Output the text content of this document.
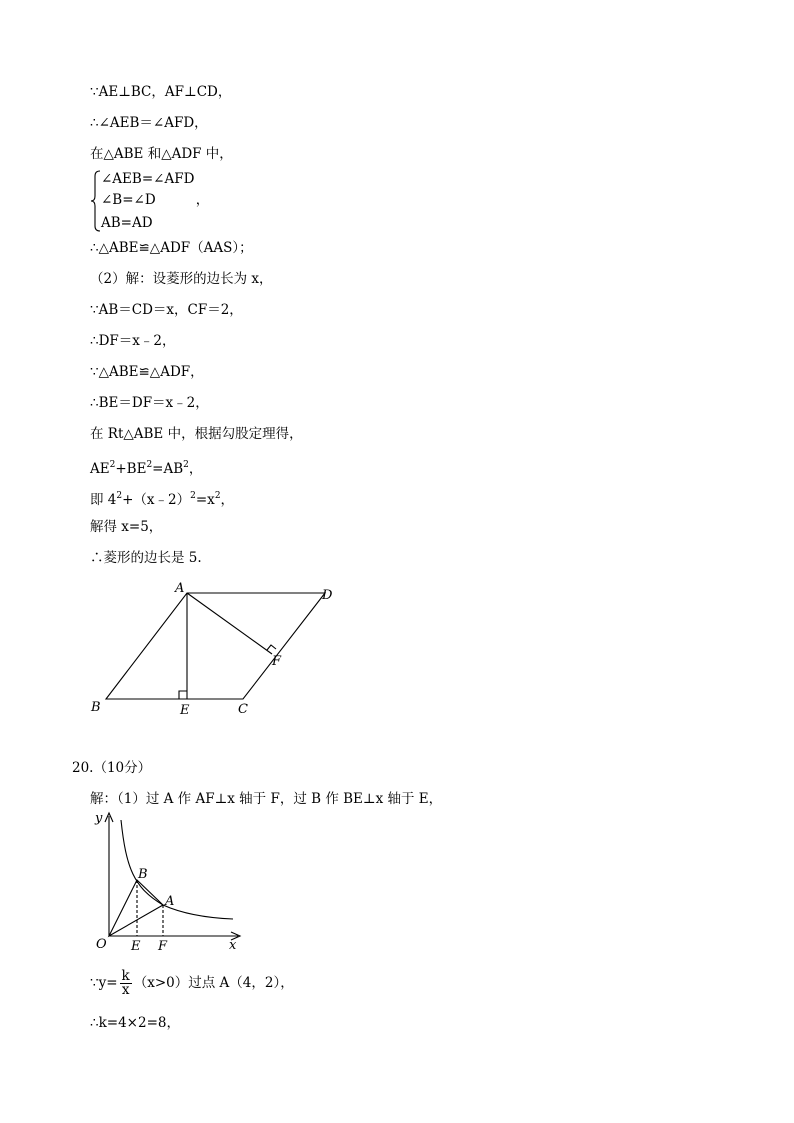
∵AE⊥BC，AF⊥CD，
∴∠AEB＝∠AFD，
在△ABE 和△ADF 中，
∠AEB=∠AFD
∠B=∠D	，
AB=AD
∴△ABE≌△ADF（AAS）；
（2）解：设菱形的边长为 x，
∵AB＝CD＝x，CF＝2，
∴DF＝x﹣2，
∵△ABE≌△ADF，
∴BE＝DF＝x﹣2，
在 Rt△ABE 中，根据勾股定理得，
$AE^2+BE^2=AB^2$，
即 $4^2+(x﹣2)^2=x^2$，
解得 x=5，
∴菱形的边长是 5.
A	D
F
B	E	C
20.（10分）
解：（1）过 A 作 AF⊥x 轴于 F，过 B 作 BE⊥x 轴于 E，
y
x
O
B
A
E F
∵y= $\frac{k}{x} (x>0)$过点 A（4，2），
∴k=4×2=8，
